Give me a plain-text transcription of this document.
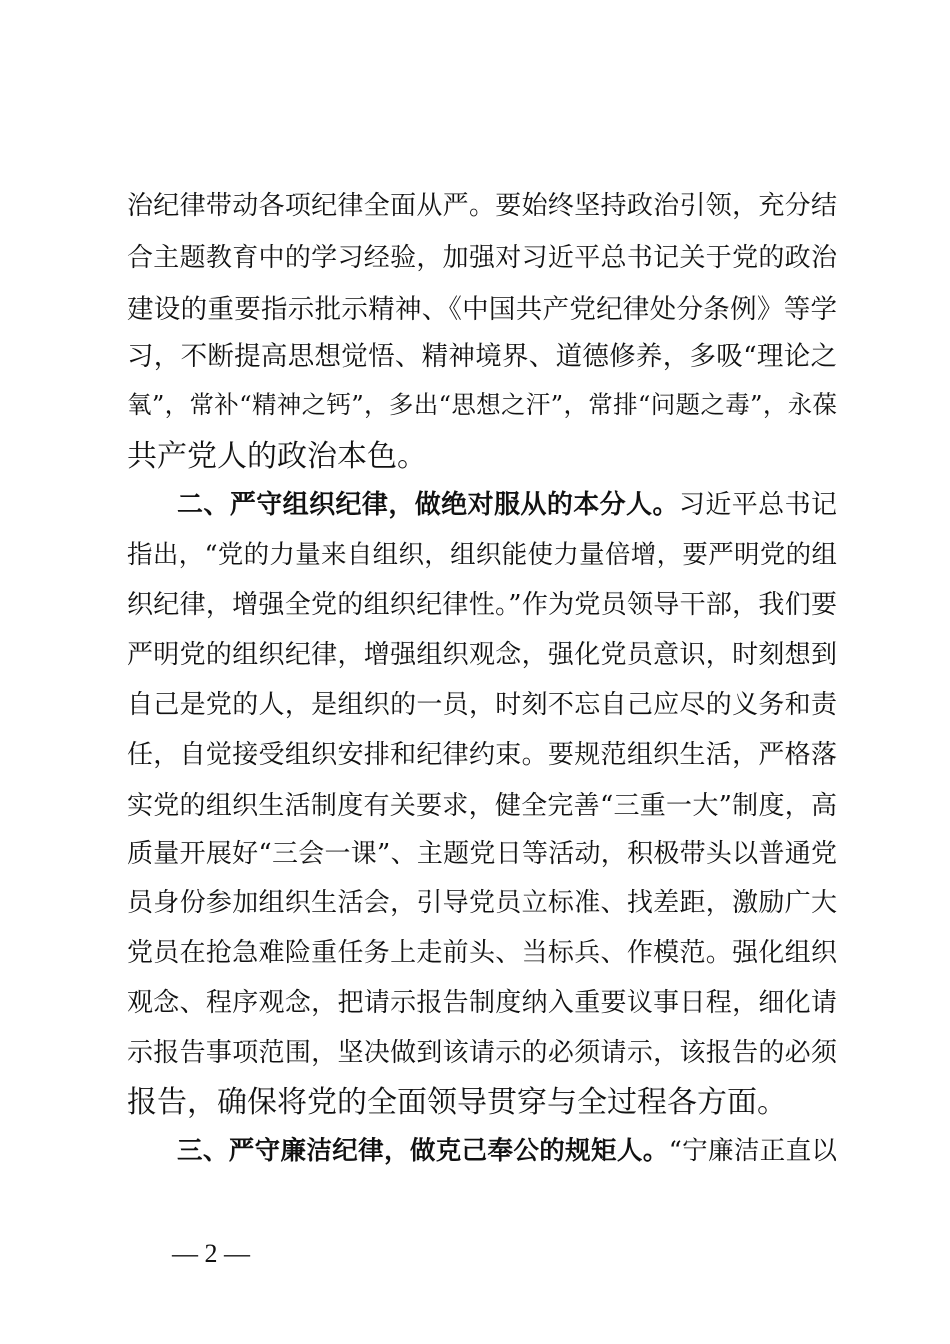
治纪律带动各项纪律全面从严。要始终坚持政治引领，充分结
合主题教育中的学习经验，加强对习近平总书记关于党的政治
建设的重要指示批示精神、《中国共产党纪律处分条例》等学
习，不断提高思想觉悟、精神境界、道德修养，多吸“理论之
氧”，常补“精神之钙”，多出“思想之汗”，常排“问题之毒”，永葆
共产党人的政治本色。
二、严守组织纪律，做绝对服从的本分人。习近平总书记
指出，“党的力量来自组织，组织能使力量倍增，要严明党的组
织纪律，增强全党的组织纪律性。”作为党员领导干部，我们要
严明党的组织纪律，增强组织观念，强化党员意识，时刻想到
自己是党的人，是组织的一员，时刻不忘自己应尽的义务和责
任，自觉接受组织安排和纪律约束。要规范组织生活，严格落
实党的组织生活制度有关要求，健全完善“三重一大”制度，高
质量开展好“三会一课”、主题党日等活动，积极带头以普通党
员身份参加组织生活会，引导党员立标准、找差距，激励广大
党员在抢急难险重任务上走前头、当标兵、作模范。强化组织
观念、程序观念，把请示报告制度纳入重要议事日程，细化请
示报告事项范围，坚决做到该请示的必须请示，该报告的必须
报告，确保将党的全面领导贯穿与全过程各方面。
三、严守廉洁纪律，做克己奉公的规矩人。“宁廉洁正直以
— 2 —
